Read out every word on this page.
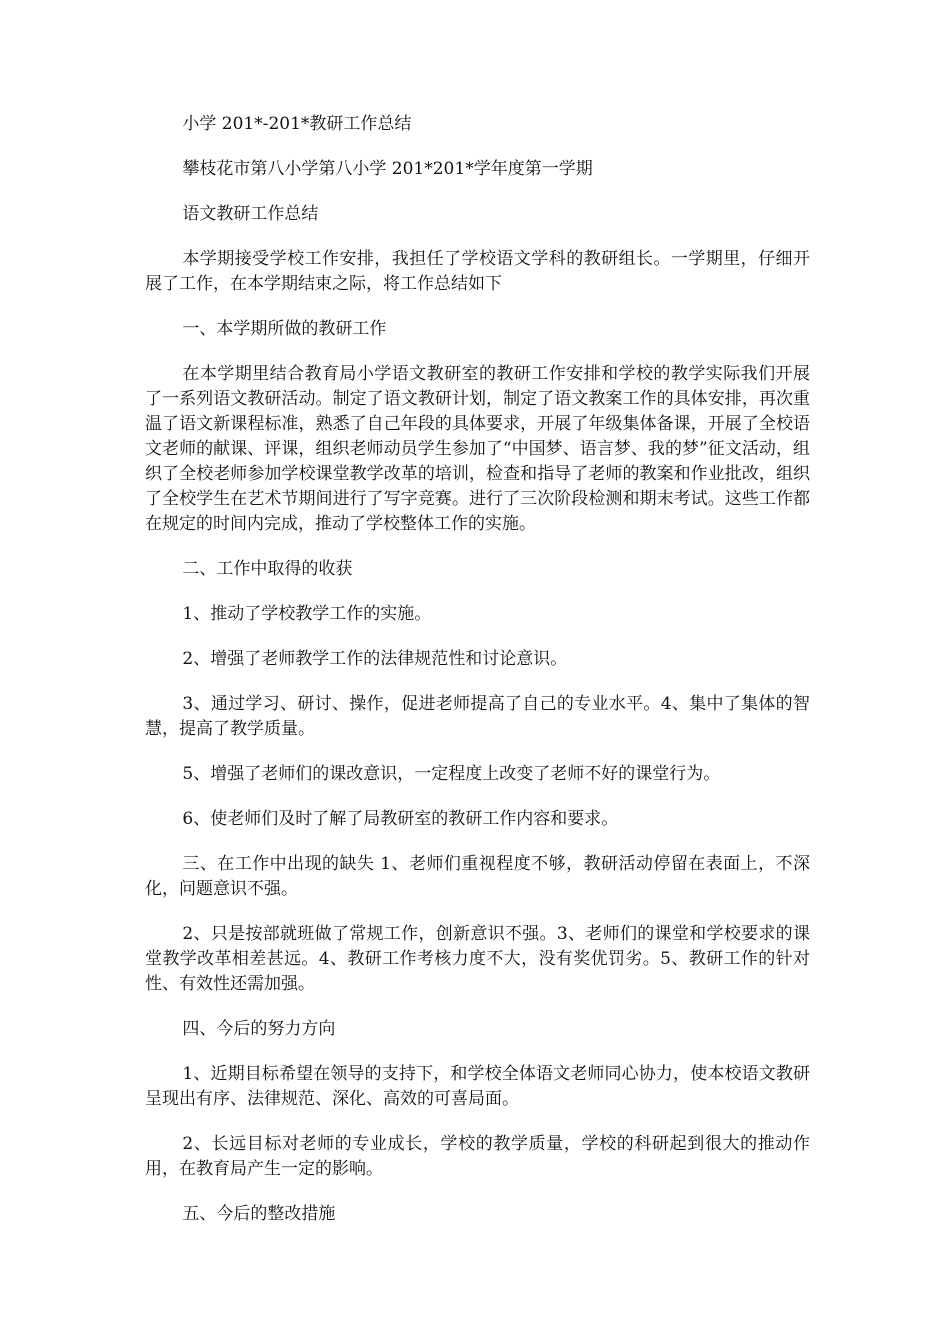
小学 201*-201*教研工作总结

攀枝花市第八小学第八小学 201*201*学年度第一学期

语文教研工作总结

本学期接受学校工作安排，我担任了学校语文学科的教研组长。一学期里，仔细开展了工作，在本学期结束之际，将工作总结如下

一、本学期所做的教研工作

在本学期里结合教育局小学语文教研室的教研工作安排和学校的教学实际我们开展了一系列语文教研活动。制定了语文教研计划，制定了语文教案工作的具体安排，再次重温了语文新课程标准，熟悉了自己年段的具体要求，开展了年级集体备课，开展了全校语文老师的献课、评课，组织老师动员学生参加了“中国梦、语言梦、我的梦”征文活动，组织了全校老师参加学校课堂教学改革的培训，检查和指导了老师的教案和作业批改，组织了全校学生在艺术节期间进行了写字竞赛。进行了三次阶段检测和期末考试。这些工作都在规定的时间内完成，推动了学校整体工作的实施。

二、工作中取得的收获

1、推动了学校教学工作的实施。

2、增强了老师教学工作的法律规范性和讨论意识。

3、通过学习、研讨、操作，促进老师提高了自己的专业水平。4、集中了集体的智慧，提高了教学质量。

5、增强了老师们的课改意识，一定程度上改变了老师不好的课堂行为。

6、使老师们及时了解了局教研室的教研工作内容和要求。

三、在工作中出现的缺失 1、老师们重视程度不够，教研活动停留在表面上，不深化，问题意识不强。

2、只是按部就班做了常规工作，创新意识不强。3、老师们的课堂和学校要求的课堂教学改革相差甚远。4、教研工作考核力度不大，没有奖优罚劣。5、教研工作的针对性、有效性还需加强。

四、今后的努力方向

1、近期目标希望在领导的支持下，和学校全体语文老师同心协力，使本校语文教研呈现出有序、法律规范、深化、高效的可喜局面。

2、长远目标对老师的专业成长，学校的教学质量，学校的科研起到很大的推动作用，在教育局产生一定的影响。

五、今后的整改措施
